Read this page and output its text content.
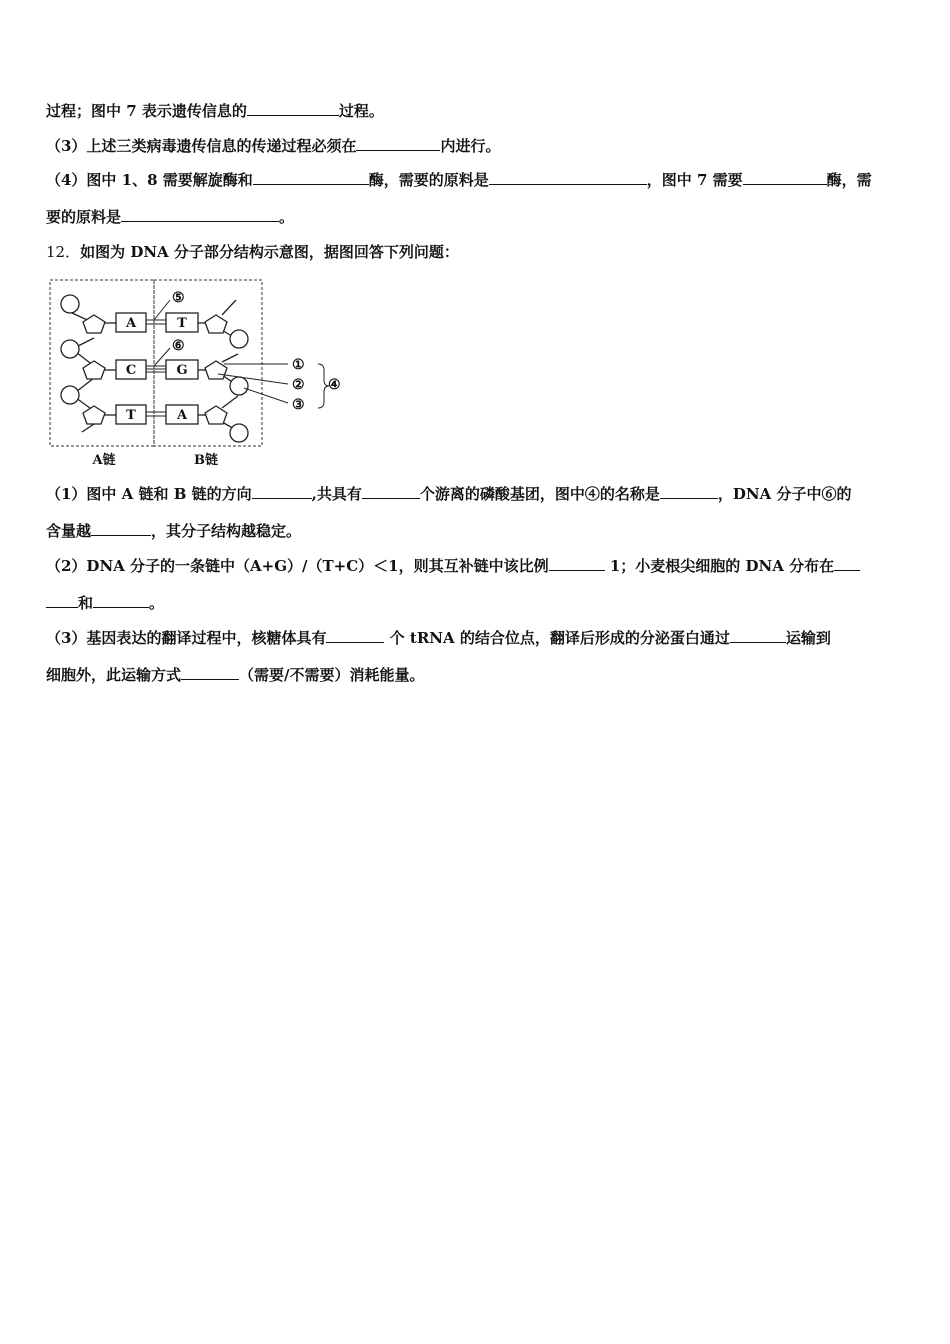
过程；图中 7 表示遗传信息的	过程。
（3）上述三类病毒遗传信息的传递过程必须在	内进行。
（4）图中 1、8 需要解旋酶和	酶，需要的原料是	，图中 7 需要	酶，需
要的原料是	。
12．如图为 DNA 分子部分结构示意图，据图回答下列问题：
A
C
T
T
G
A
⑤
⑥
①
②
③
④
A链	B链
（1）图中 A 链和 B 链的方向	,共具有	个游离的磷酸基团，图中④的名称是	，DNA 分子中⑥的
含量越	，其分子结构越稳定。
（2）DNA 分子的一条链中（A+G）/（T+C）＜1，则其互补链中该比例	1；小麦根尖细胞的 DNA 分布在
和	。
（3）基因表达的翻译过程中，核糖体具有	个 tRNA 的结合位点，翻译后形成的分泌蛋白通过	运输到
细胞外，此运输方式	（需要/不需要）消耗能量。
